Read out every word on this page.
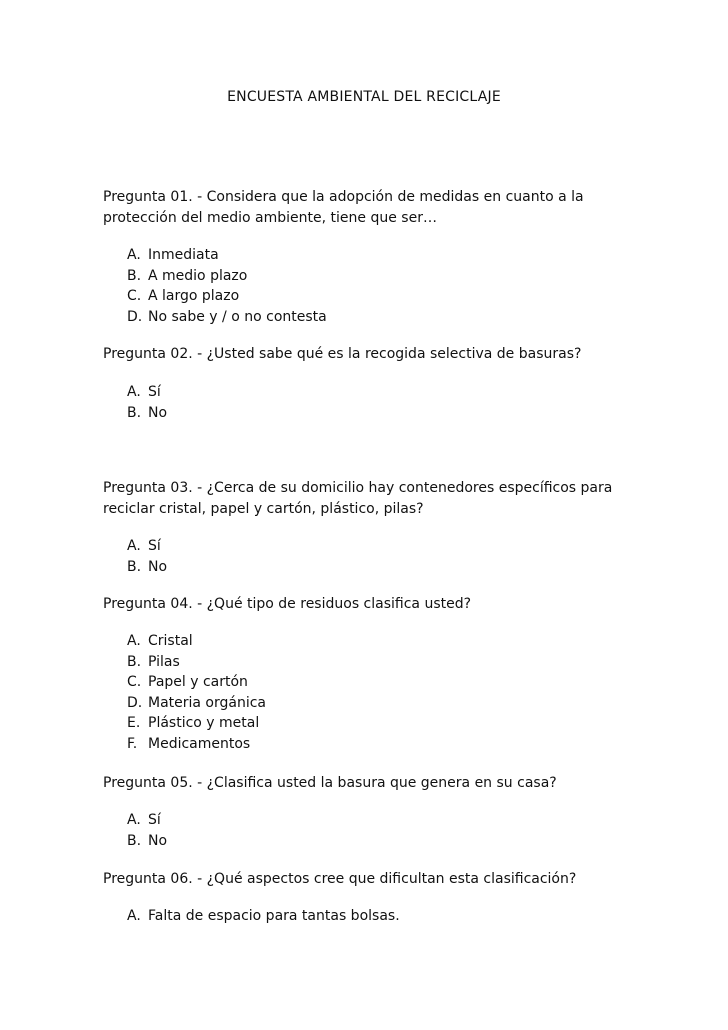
ENCUESTA AMBIENTAL DEL RECICLAJE
Pregunta 01. - Considera que la adopción de medidas en cuanto a la protección del medio ambiente, tiene que ser…
A. Inmediata
B. A medio plazo
C. A largo plazo
D. No sabe y / o no contesta
Pregunta 02. - ¿Usted sabe qué es la recogida selectiva de basuras?
A. Sí
B. No
Pregunta 03. - ¿Cerca de su domicilio hay contenedores específicos para reciclar cristal, papel y cartón, plástico, pilas?
A. Sí
B. No
Pregunta 04. - ¿Qué tipo de residuos clasifica usted?
A. Cristal
B. Pilas
C. Papel y cartón
D. Materia orgánica
E. Plástico y metal
F. Medicamentos
Pregunta 05. - ¿Clasifica usted la basura que genera en su casa?
A. Sí
B. No
Pregunta 06. - ¿Qué aspectos cree que dificultan esta clasificación?
A. Falta de espacio para tantas bolsas.
